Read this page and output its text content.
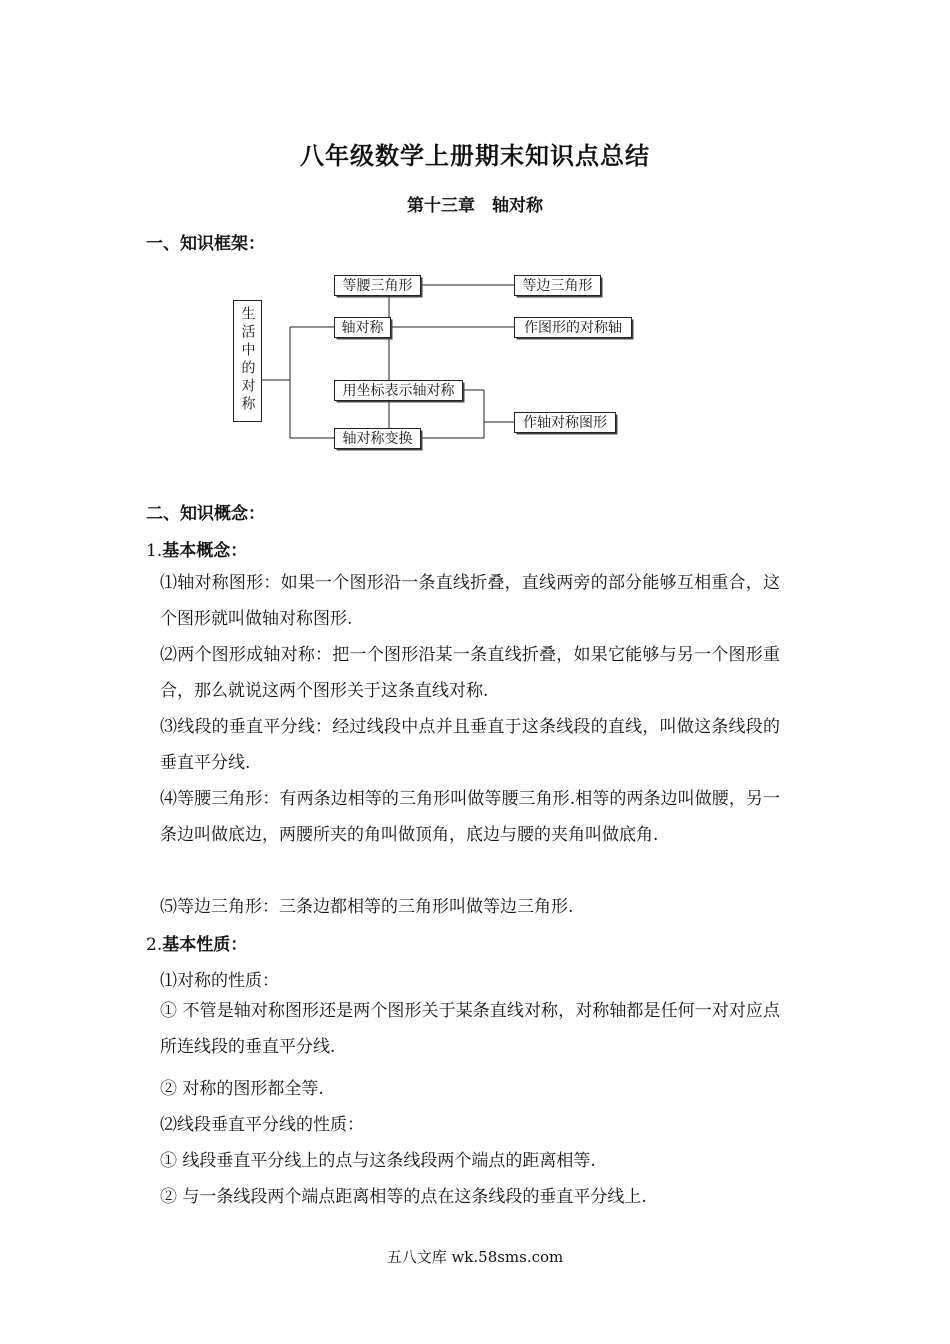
八年级数学上册期末知识点总结
第十三章　轴对称
一、知识框架：
生活中的对称
等腰三角形	等边三角形
轴对称	作图形的对称轴
用坐标表示轴对称
作轴对称图形
轴对称变换
二、知识概念：
1.基本概念：

⑴轴对称图形：如果一个图形沿一条直线折叠，直线两旁的部分能够互相重合，这个图形就叫做轴对称图形.

⑵两个图形成轴对称：把一个图形沿某一条直线折叠，如果它能够与另一个图形重合，那么就说这两个图形关于这条直线对称.

⑶线段的垂直平分线：经过线段中点并且垂直于这条线段的直线，叫做这条线段的垂直平分线.

⑷等腰三角形：有两条边相等的三角形叫做等腰三角形.相等的两条边叫做腰，另一条边叫做底边，两腰所夹的角叫做顶角，底边与腰的夹角叫做底角.

⑸等边三角形：三条边都相等的三角形叫做等边三角形.

2.基本性质：
⑴对称的性质：

① 不管是轴对称图形还是两个图形关于某条直线对称，对称轴都是任何一对对应点所连线段的垂直平分线.

② 对称的图形都全等.
⑵线段垂直平分线的性质：
① 线段垂直平分线上的点与这条线段两个端点的距离相等.
② 与一条线段两个端点距离相等的点在这条线段的垂直平分线上.
五八文库 wk.58sms.com
